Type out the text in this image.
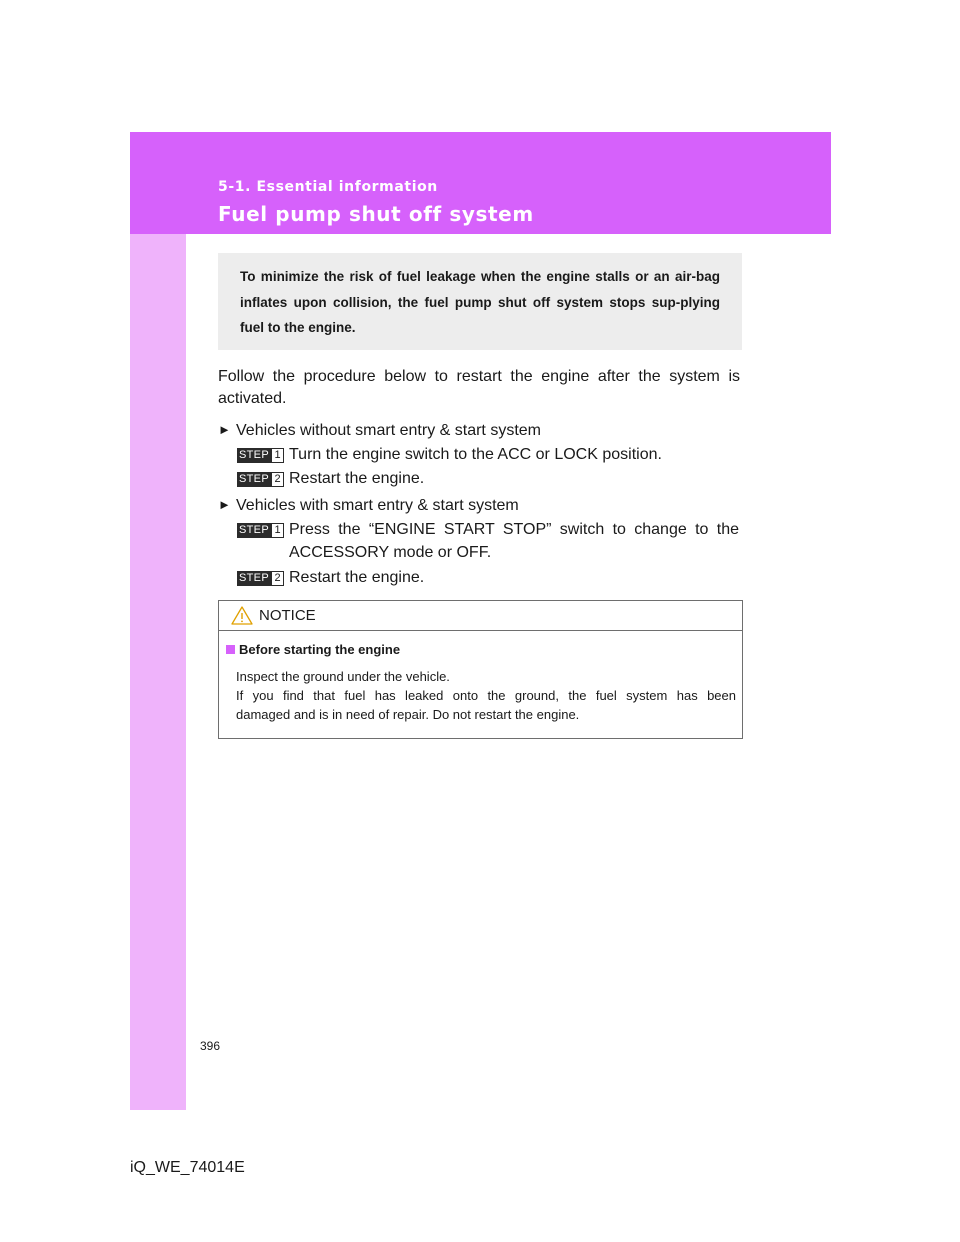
5-1. Essential information
Fuel pump shut off system

To minimize the risk of fuel leakage when the engine stalls or an air-bag inflates upon collision, the fuel pump shut off system stops sup-plying fuel to the engine.

Follow the procedure below to restart the engine after the system is activated.

► Vehicles without smart entry & start system
STEP 1 Turn the engine switch to the ACC or LOCK position.
STEP 2 Restart the engine.
► Vehicles with smart entry & start system
STEP 1 Press the “ENGINE START STOP” switch to change to the
ACCESSORY mode or OFF.
STEP 2 Restart the engine.
NOTICE
Before starting the engine

Inspect the ground under the vehicle.
If you find that fuel has leaked onto the ground, the fuel system has been
damaged and is in need of repair. Do not restart the engine.

396
iQ_WE_74014E
